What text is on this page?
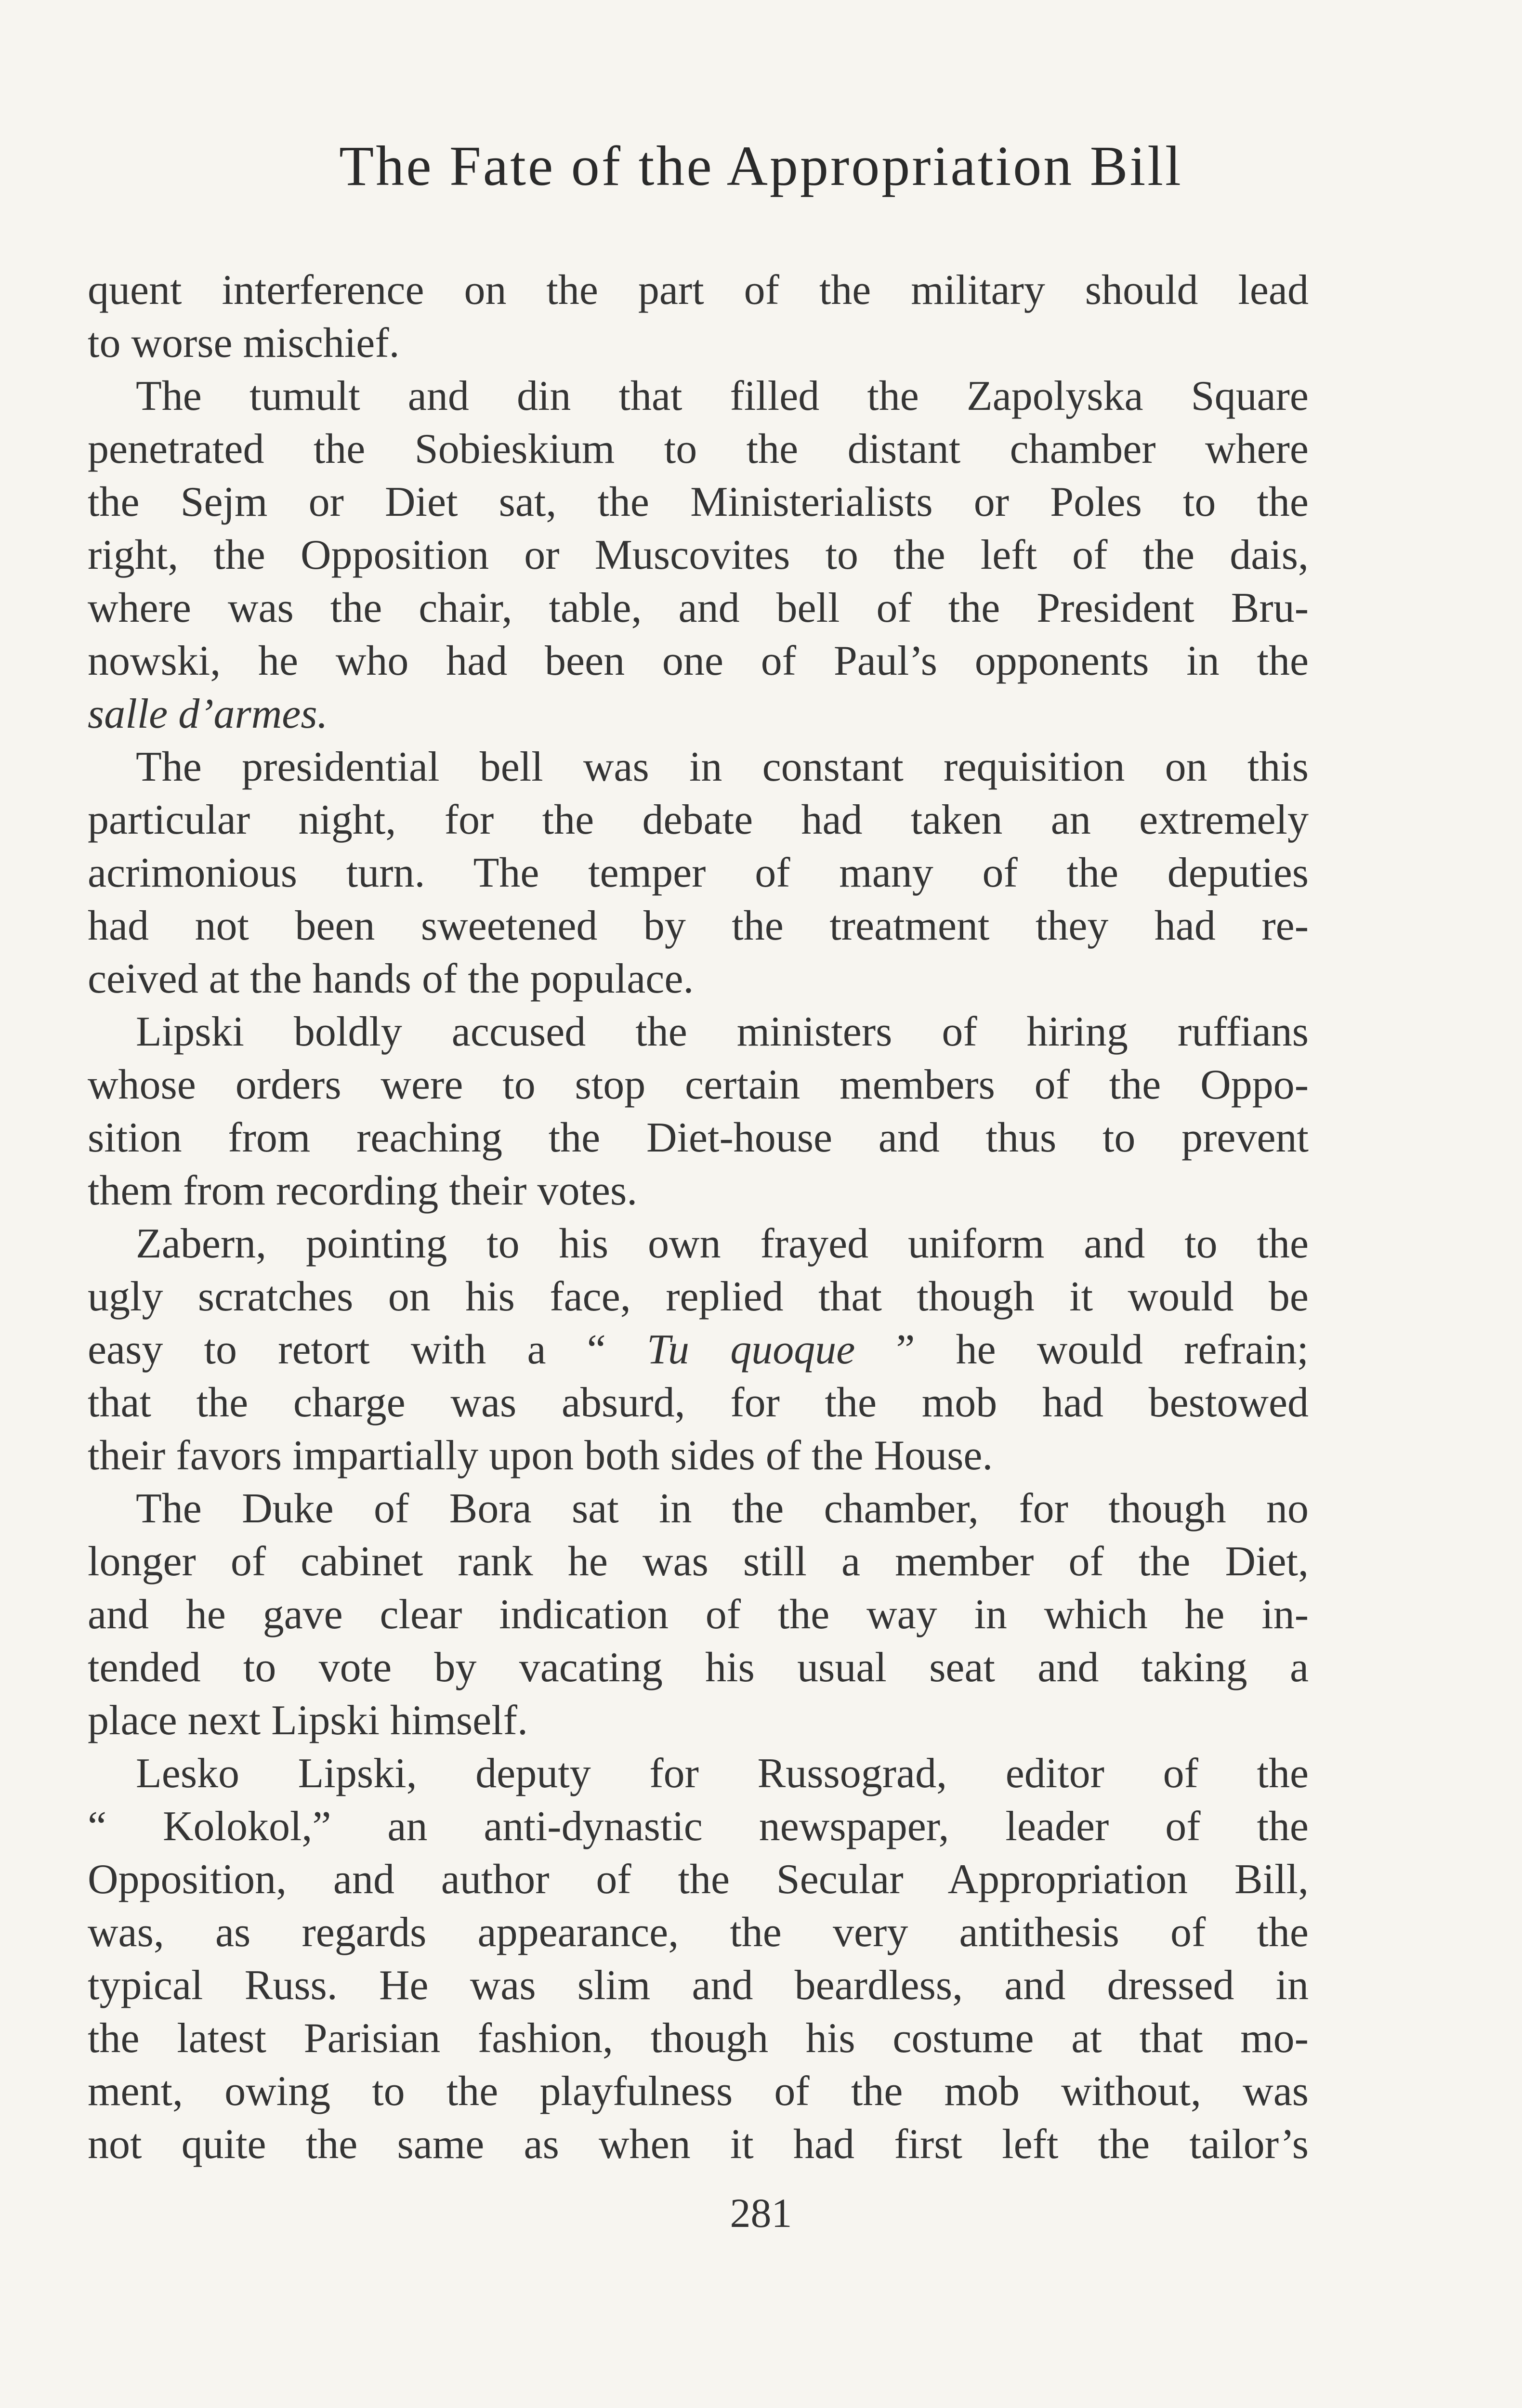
The Fate of the Appropriation Bill

quent interference on the part of the military should lead
to worse mischief.

The tumult and din that filled the Zapolyska Square
penetrated the Sobieskium to the distant chamber where
the Sejm or Diet sat, the Ministerialists or Poles to the
right, the Opposition or Muscovites to the left of the dais,
where was the chair, table, and bell of the President Bru-
nowski, he who had been one of Paul’s opponents in the
salle d’armes.

The presidential bell was in constant requisition on this
particular night, for the debate had taken an extremely
acrimonious turn. The temper of many of the deputies
had not been sweetened by the treatment they had re-
ceived at the hands of the populace.

Lipski boldly accused the ministers of hiring ruffians
whose orders were to stop certain members of the Oppo-
sition from reaching the Diet-house and thus to prevent
them from recording their votes.

Zabern, pointing to his own frayed uniform and to the
ugly scratches on his face, replied that though it would be
easy to retort with a “ Tu quoque ” he would refrain;
that the charge was absurd, for the mob had bestowed
their favors impartially upon both sides of the House.

The Duke of Bora sat in the chamber, for though no
longer of cabinet rank he was still a member of the Diet,
and he gave clear indication of the way in which he in-
tended to vote by vacating his usual seat and taking a
place next Lipski himself.

Lesko Lipski, deputy for Russograd, editor of the
“ Kolokol,” an anti-dynastic newspaper, leader of the
Opposition, and author of the Secular Appropriation Bill,
was, as regards appearance, the very antithesis of the
typical Russ. He was slim and beardless, and dressed in
the latest Parisian fashion, though his costume at that mo-
ment, owing to the playfulness of the mob without, was
not quite the same as when it had first left the tailor’s

281
